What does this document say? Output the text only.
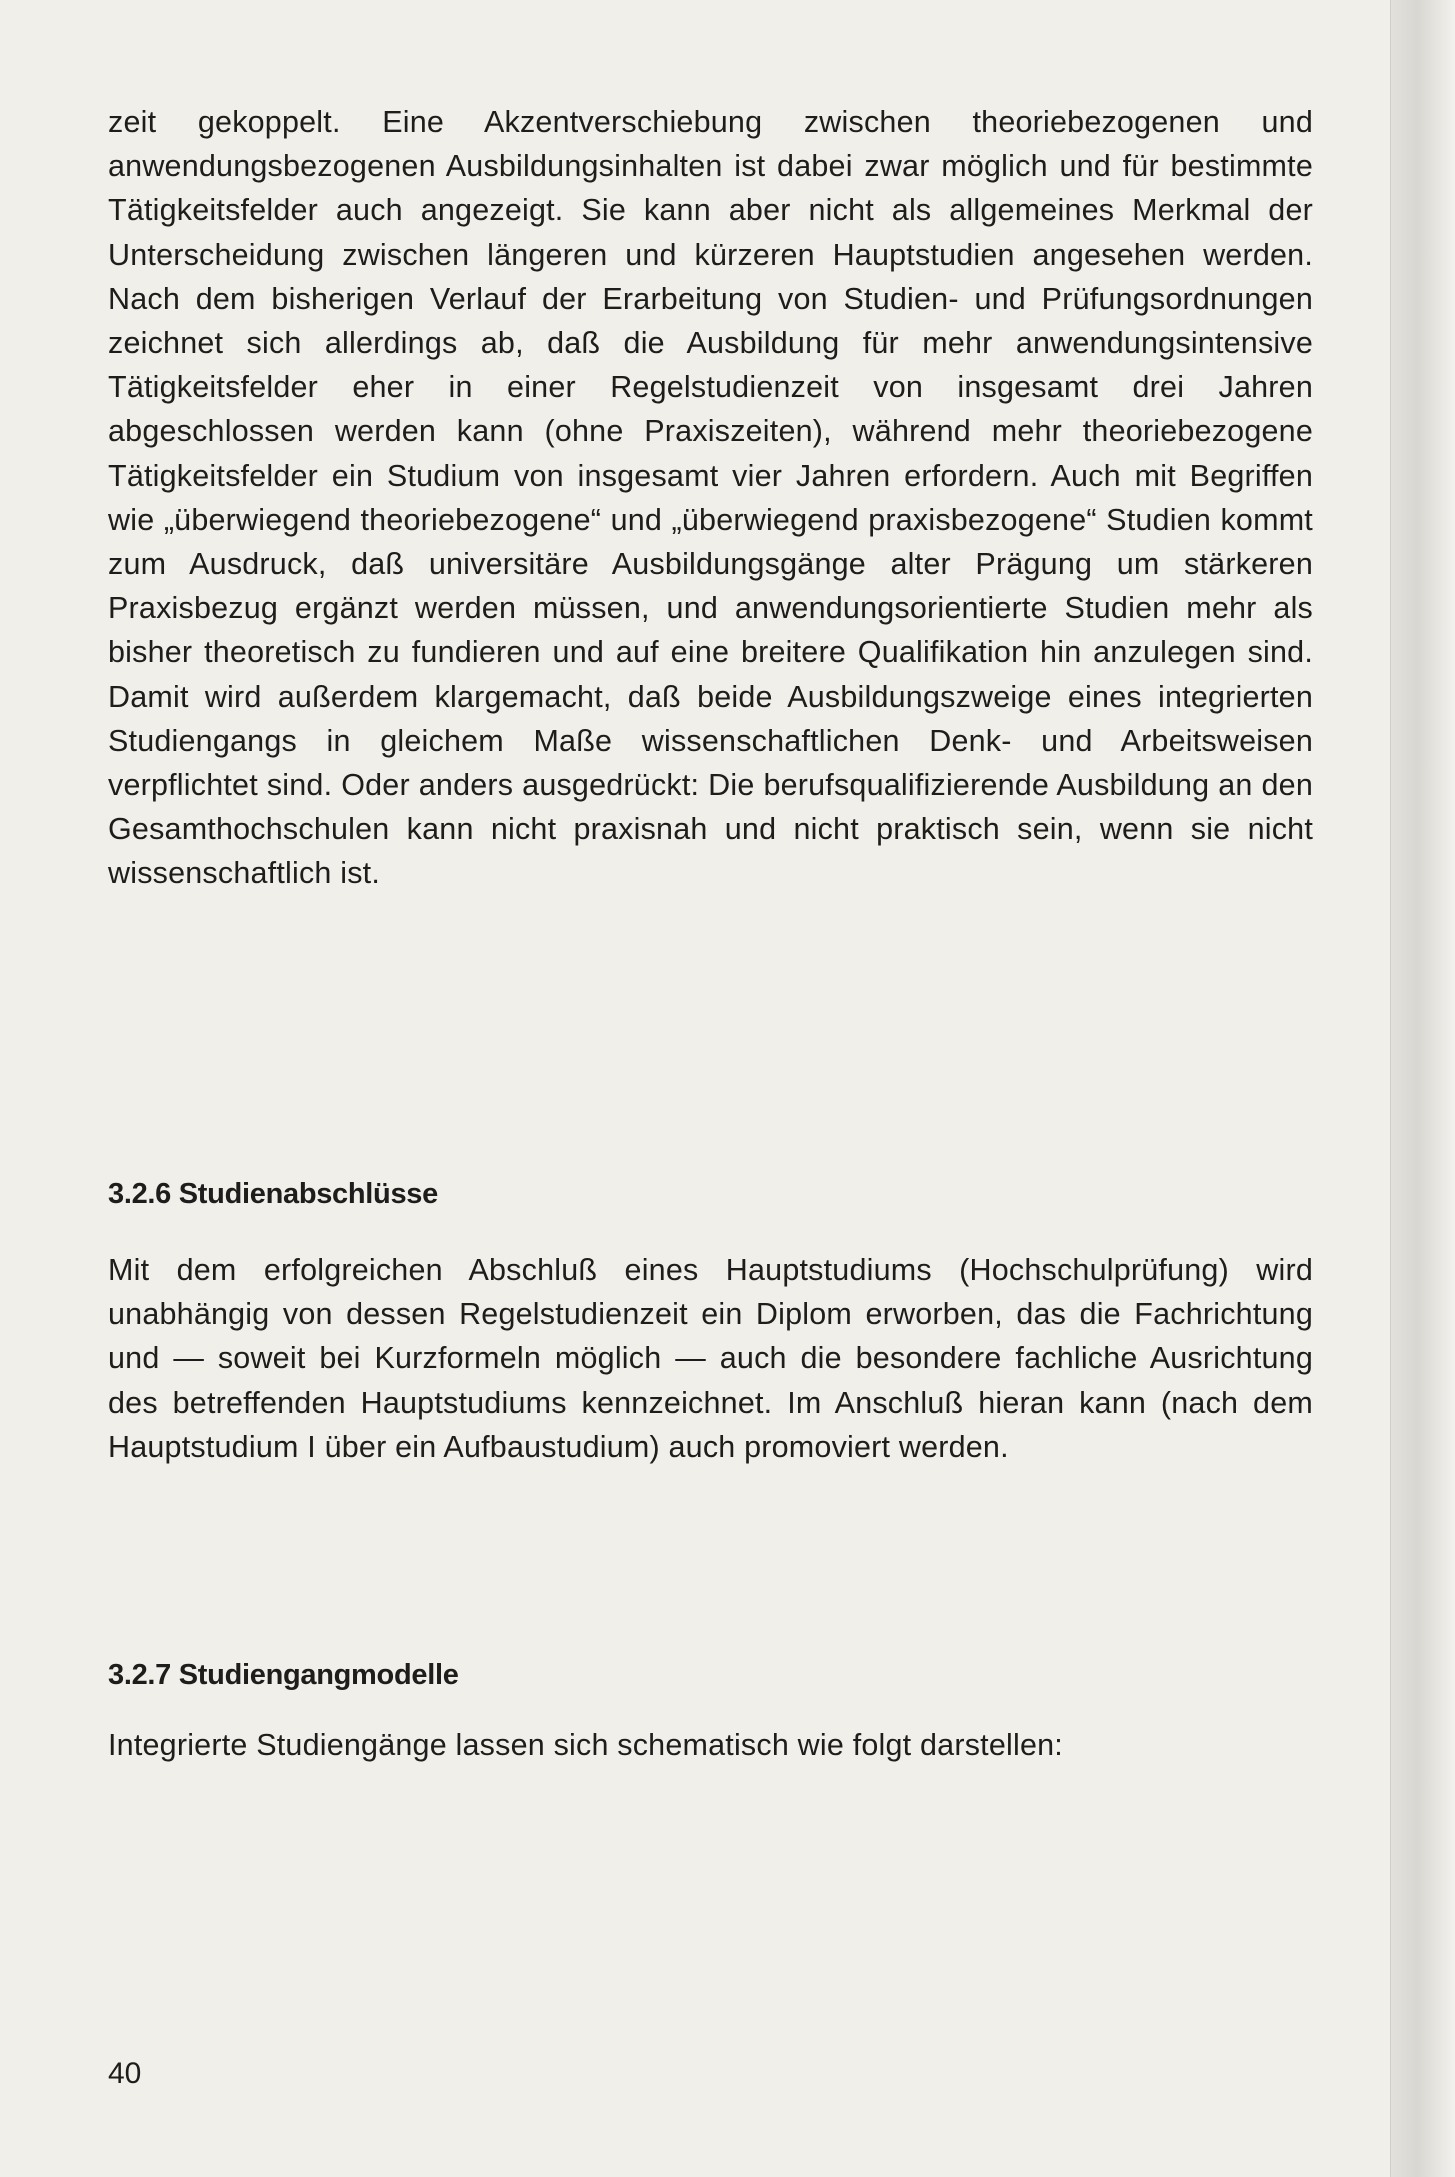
zeit gekoppelt. Eine Akzentverschiebung zwischen theoriebezogenen und anwendungsbezogenen Ausbildungsinhalten ist dabei zwar möglich und für bestimmte Tätigkeitsfelder auch angezeigt. Sie kann aber nicht als allgemeines Merkmal der Unterscheidung zwischen längeren und kürzeren Hauptstudien angesehen werden. Nach dem bisherigen Verlauf der Erarbeitung von Studien- und Prüfungsordnungen zeichnet sich allerdings ab, daß die Ausbildung für mehr anwendungsintensive Tätigkeitsfelder eher in einer Regelstudienzeit von insgesamt drei Jahren abgeschlossen werden kann (ohne Praxiszeiten), während mehr theoriebezogene Tätigkeitsfelder ein Studium von insgesamt vier Jahren erfordern. Auch mit Begriffen wie „überwiegend theoriebezogene“ und „überwiegend praxisbezogene“ Studien kommt zum Ausdruck, daß universitäre Ausbildungsgänge alter Prägung um stärkeren Praxisbezug ergänzt werden müssen, und anwendungsorientierte Studien mehr als bisher theoretisch zu fundieren und auf eine breitere Qualifikation hin anzulegen sind. Damit wird außerdem klargemacht, daß beide Ausbildungszweige eines integrierten Studiengangs in gleichem Maße wissenschaftlichen Denk- und Arbeitsweisen verpflichtet sind. Oder anders ausgedrückt: Die berufsqualifizierende Ausbildung an den Gesamthochschulen kann nicht praxisnah und nicht praktisch sein, wenn sie nicht wissenschaftlich ist.

3.2.6 Studienabschlüsse

Mit dem erfolgreichen Abschluß eines Hauptstudiums (Hochschulprüfung) wird unabhängig von dessen Regelstudienzeit ein Diplom erworben, das die Fachrichtung und — soweit bei Kurzformeln möglich — auch die besondere fachliche Ausrichtung des betreffenden Hauptstudiums kennzeichnet. Im Anschluß hieran kann (nach dem Hauptstudium I über ein Aufbaustudium) auch promoviert werden.

3.2.7 Studiengangmodelle

Integrierte Studiengänge lassen sich schematisch wie folgt darstellen:

40
